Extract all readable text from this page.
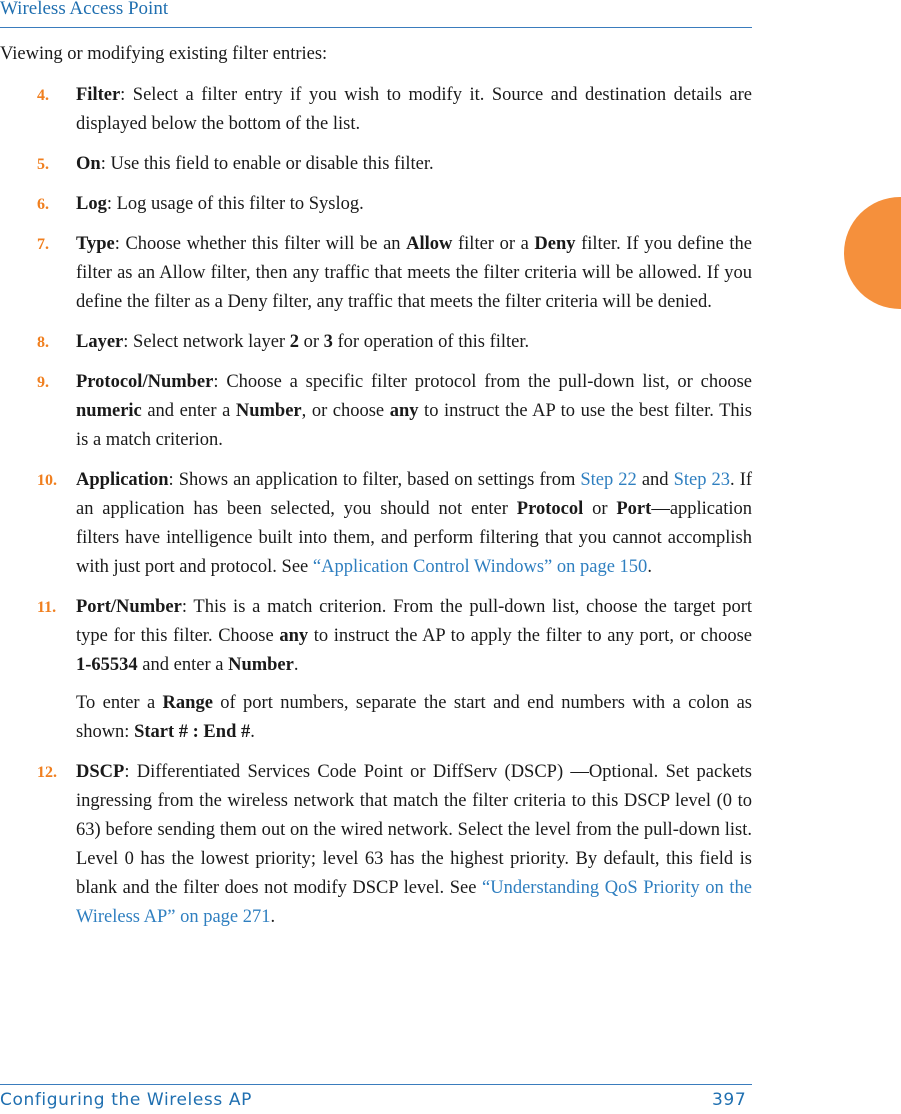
Wireless Access Point

Viewing or modifying existing filter entries:

4.	Filter: Select a filter entry if you wish to modify it. Source and destination details are displayed below the bottom of the list.
5.	On: Use this field to enable or disable this filter.
6.	Log: Log usage of this filter to Syslog.
7.	Type: Choose whether this filter will be an Allow filter or a Deny filter. If you define the filter as an Allow filter, then any traffic that meets the filter criteria will be allowed. If you define the filter as a Deny filter, any traffic that meets the filter criteria will be denied.
8.	Layer: Select network layer 2 or 3 for operation of this filter.
9.	Protocol/Number: Choose a specific filter protocol from the pull-down list, or choose numeric and enter a Number, or choose any to instruct the AP to use the best filter. This is a match criterion.
10.	Application: Shows an application to filter, based on settings from Step 22 and Step 23. If an application has been selected, you should not enter Protocol or Port—application filters have intelligence built into them, and perform filtering that you cannot accomplish with just port and protocol. See “Application Control Windows” on page 150.
11.	Port/Number: This is a match criterion. From the pull-down list, choose the target port type for this filter. Choose any to instruct the AP to apply the filter to any port, or choose 1-65534 and enter a Number.

To enter a Range of port numbers, separate the start and end numbers with a colon as shown: Start # : End #.

12.	DSCP: Differentiated Services Code Point or DiffServ (DSCP) —Optional. Set packets ingressing from the wireless network that match the filter criteria to this DSCP level (0 to 63) before sending them out on the wired network. Select the level from the pull-down list. Level 0 has the lowest priority; level 63 has the highest priority. By default, this field is blank and the filter does not modify DSCP level. See “Understanding QoS Priority on the Wireless AP” on page 271.
Configuring the Wireless AP	397
